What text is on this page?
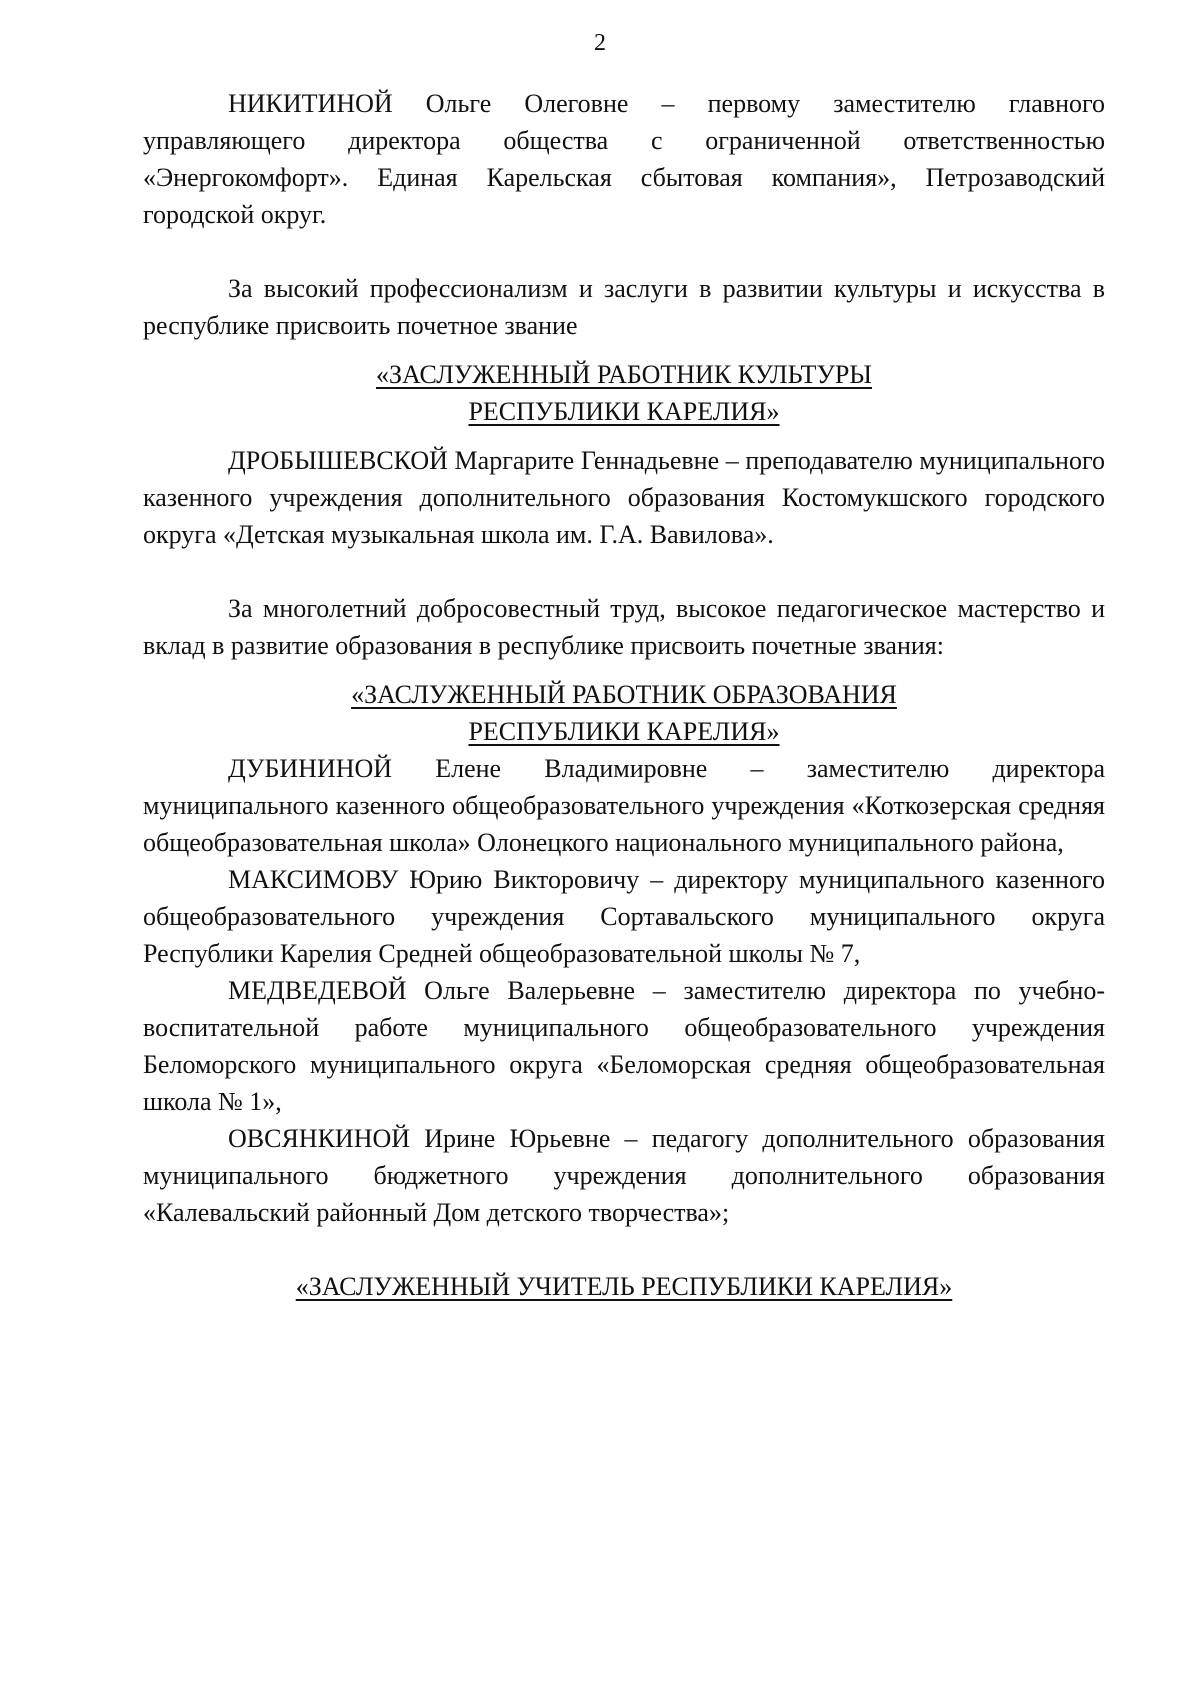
2

НИКИТИНОЙ Ольге Олеговне – первому заместителю главного управляющего директора общества с ограниченной ответственностью «Энергокомфорт». Единая Карельская сбытовая компания», Петрозаводский городской округ.

За высокий профессионализм и заслуги в развитии культуры и искусства в республике присвоить почетное звание

«ЗАСЛУЖЕННЫЙ РАБОТНИК КУЛЬТУРЫ
РЕСПУБЛИКИ КАРЕЛИЯ»

ДРОБЫШЕВСКОЙ Маргарите Геннадьевне – преподавателю муниципального казенного учреждения дополнительного образования Костомукшского городского округа «Детская музыкальная школа им. Г.А. Вавилова».

За многолетний добросовестный труд, высокое педагогическое мастерство и вклад в развитие образования в республике присвоить почетные звания:

«ЗАСЛУЖЕННЫЙ РАБОТНИК ОБРАЗОВАНИЯ
РЕСПУБЛИКИ КАРЕЛИЯ»

ДУБИНИНОЙ Елене Владимировне – заместителю директора муниципального казенного общеобразовательного учреждения «Коткозерская средняя общеобразовательная школа» Олонецкого национального муниципального района,

МАКСИМОВУ Юрию Викторовичу – директору муниципального казенного общеобразовательного учреждения Сортавальского муниципального округа Республики Карелия Средней общеобразовательной школы № 7,

МЕДВЕДЕВОЙ Ольге Валерьевне – заместителю директора по учебно-воспитательной работе муниципального общеобразовательного учреждения Беломорского муниципального округа «Беломорская средняя общеобразовательная школа № 1»,

ОВСЯНКИНОЙ Ирине Юрьевне – педагогу дополнительного образования муниципального бюджетного учреждения дополнительного образования «Калевальский районный Дом детского творчества»;

«ЗАСЛУЖЕННЫЙ УЧИТЕЛЬ РЕСПУБЛИКИ КАРЕЛИЯ»
